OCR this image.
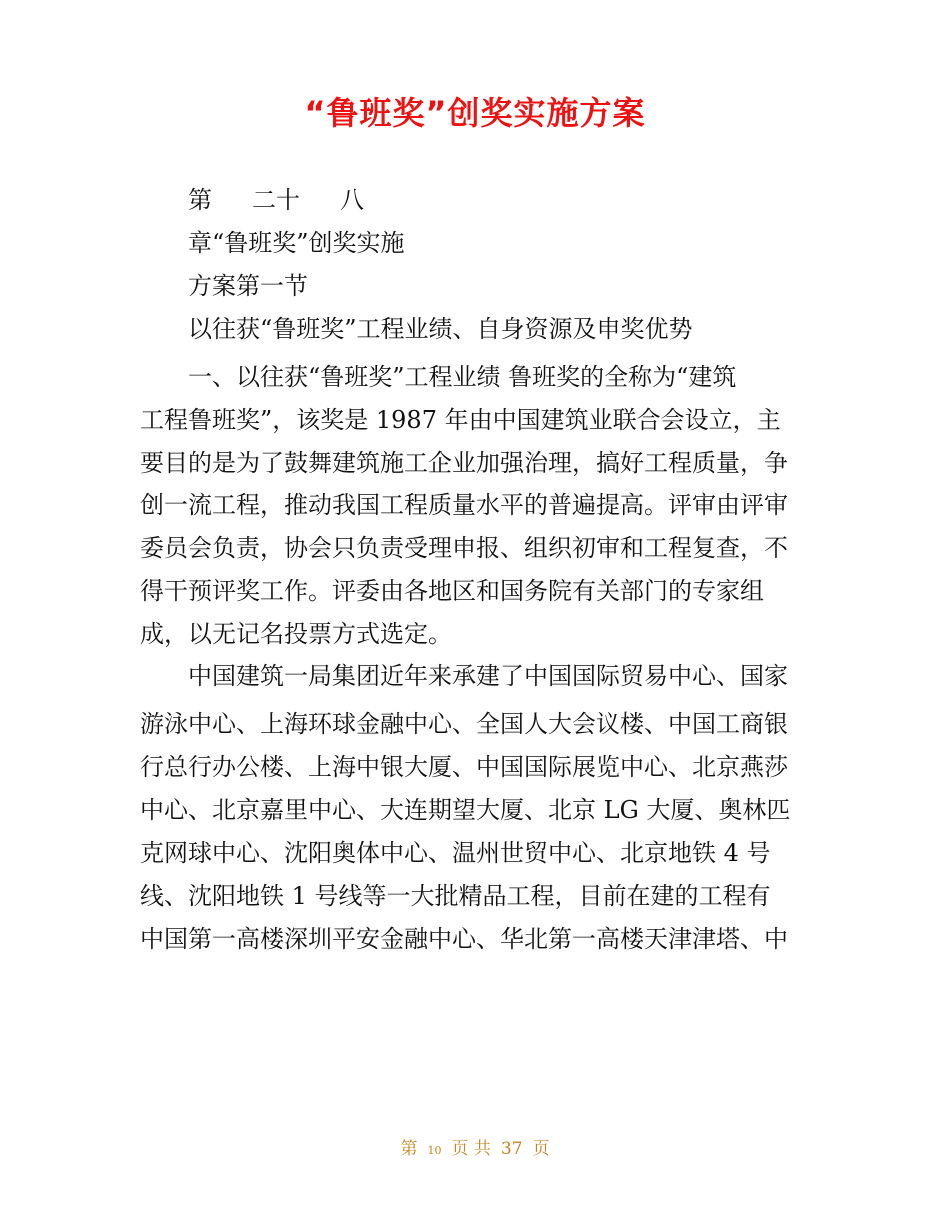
“鲁班奖”创奖实施方案
第 二十 八
章“鲁班奖”创奖实施
方案第一节
以往获“鲁班奖”工程业绩、自身资源及申奖优势
一、以往获“鲁班奖”工程业绩 鲁班奖的全称为“建筑
工程鲁班奖”，该奖是 1987 年由中国建筑业联合会设立，主
要目的是为了鼓舞建筑施工企业加强治理，搞好工程质量，争
创一流工程，推动我国工程质量水平的普遍提高。评审由评审
委员会负责，协会只负责受理申报、组织初审和工程复查，不
得干预评奖工作。评委由各地区和国务院有关部门的专家组
成，以无记名投票方式选定。
中国建筑一局集团近年来承建了中国国际贸易中心、国家
游泳中心、上海环球金融中心、全国人大会议楼、中国工商银
行总行办公楼、上海中银大厦、中国国际展览中心、北京燕莎
中心、北京嘉里中心、大连期望大厦、北京 LG 大厦、奥林匹
克网球中心、沈阳奥体中心、温州世贸中心、北京地铁 4 号
线、沈阳地铁 1 号线等一大批精品工程，目前在建的工程有
中国第一高楼深圳平安金融中心、华北第一高楼天津津塔、中
第 10 页 共 37 页
